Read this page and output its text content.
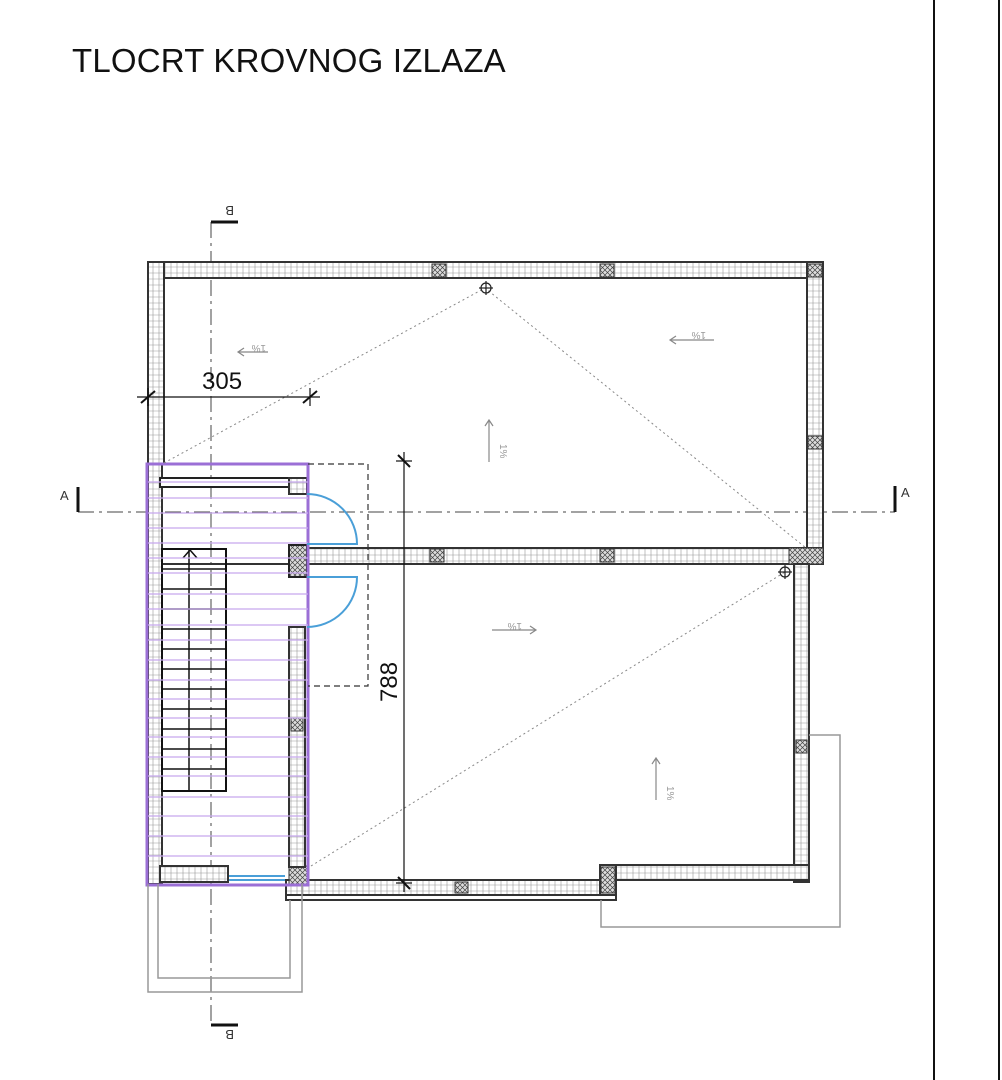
TLOCRT KROVNOG IZLAZA
A	A
B
B
1%
1%
1%
1%
1%
305
788
